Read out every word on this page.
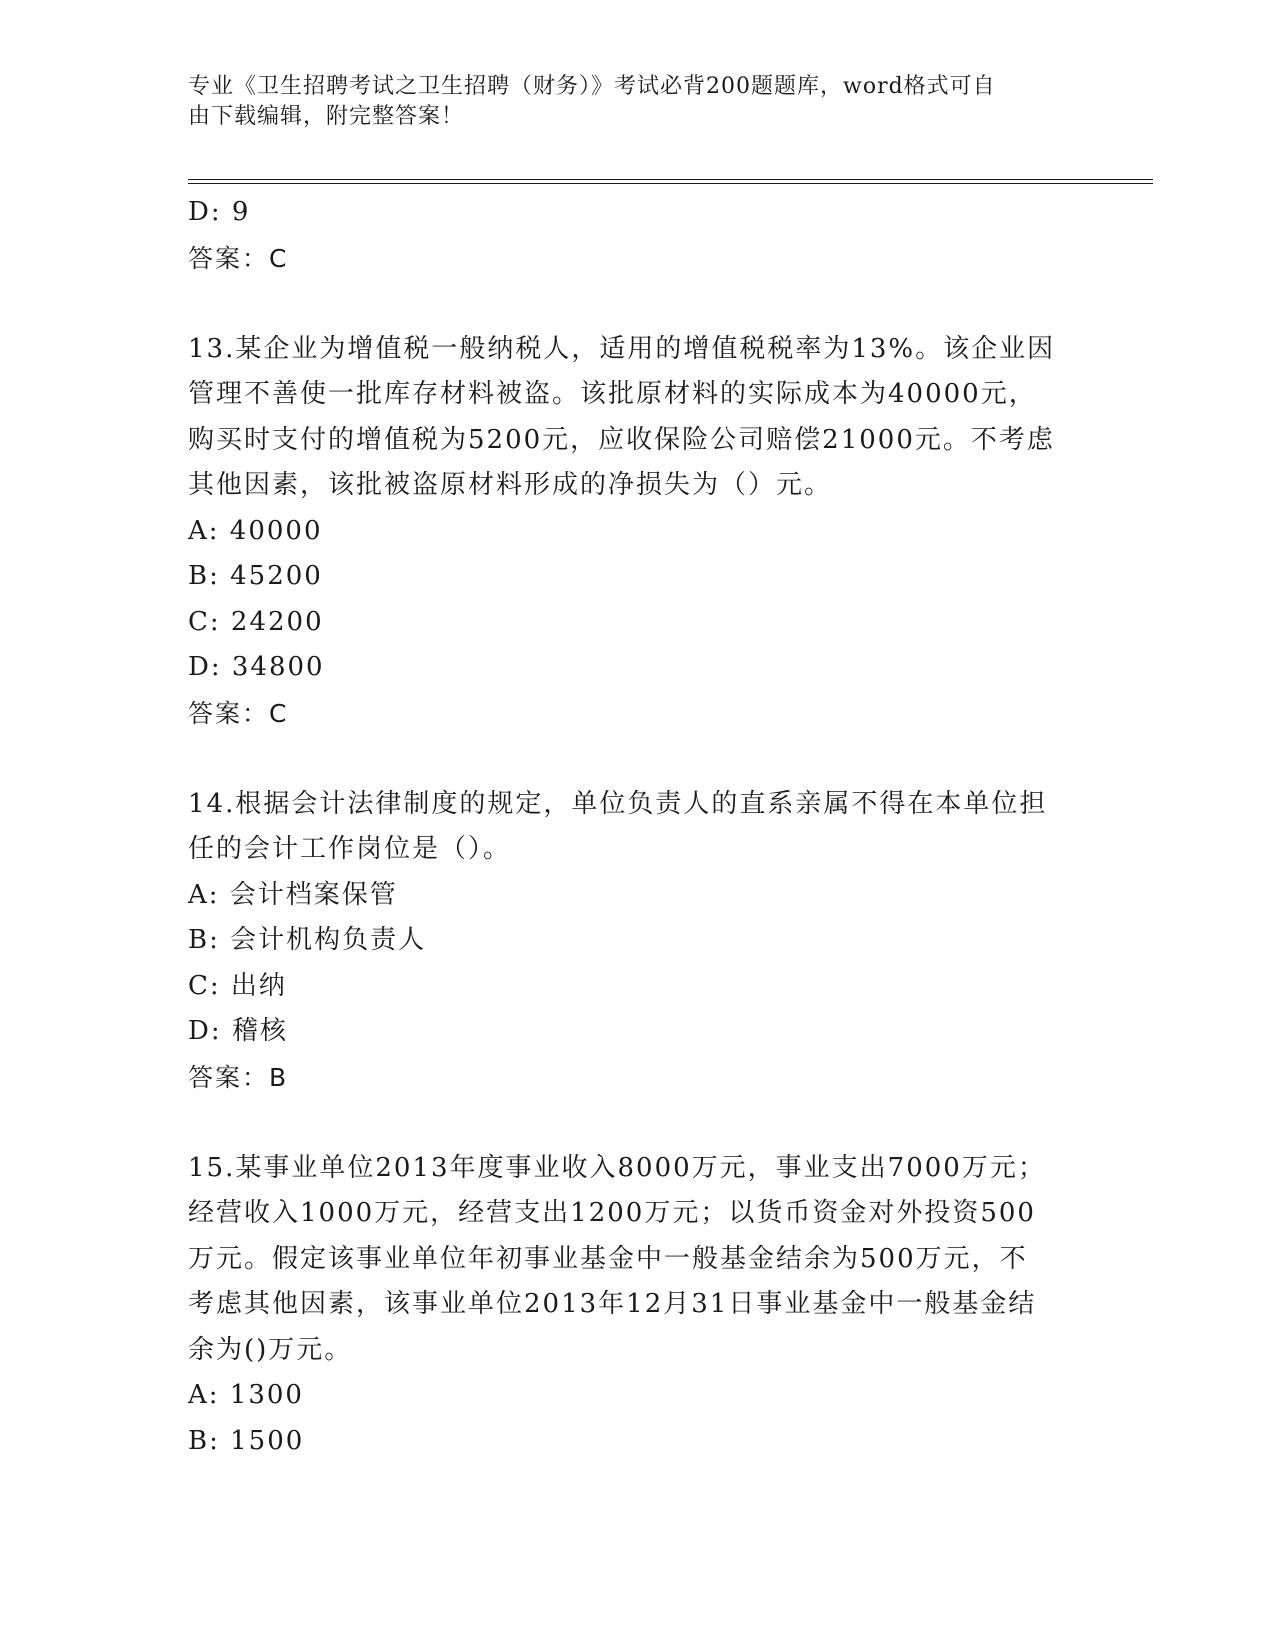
专业《卫生招聘考试之卫生招聘（财务）》考试必背200题题库，word格式可自
由下载编辑，附完整答案！
D: 9
答案：C
13.某企业为增值税一般纳税人，适用的增值税税率为13%。该企业因
管理不善使一批库存材料被盗。该批原材料的实际成本为40000元，
购买时支付的增值税为5200元，应收保险公司赔偿21000元。不考虑
其他因素，该批被盗原材料形成的净损失为（）元。
A: 40000
B: 45200
C: 24200
D: 34800
答案：C
14.根据会计法律制度的规定，单位负责人的直系亲属不得在本单位担
任的会计工作岗位是（）。
A: 会计档案保管
B: 会计机构负责人
C: 出纳
D: 稽核
答案：B
15.某事业单位2013年度事业收入8000万元，事业支出7000万元；
经营收入1000万元，经营支出1200万元；以货币资金对外投资500
万元。假定该事业单位年初事业基金中一般基金结余为500万元，不
考虑其他因素，该事业单位2013年12月31日事业基金中一般基金结
余为()万元。
A: 1300
B: 1500
